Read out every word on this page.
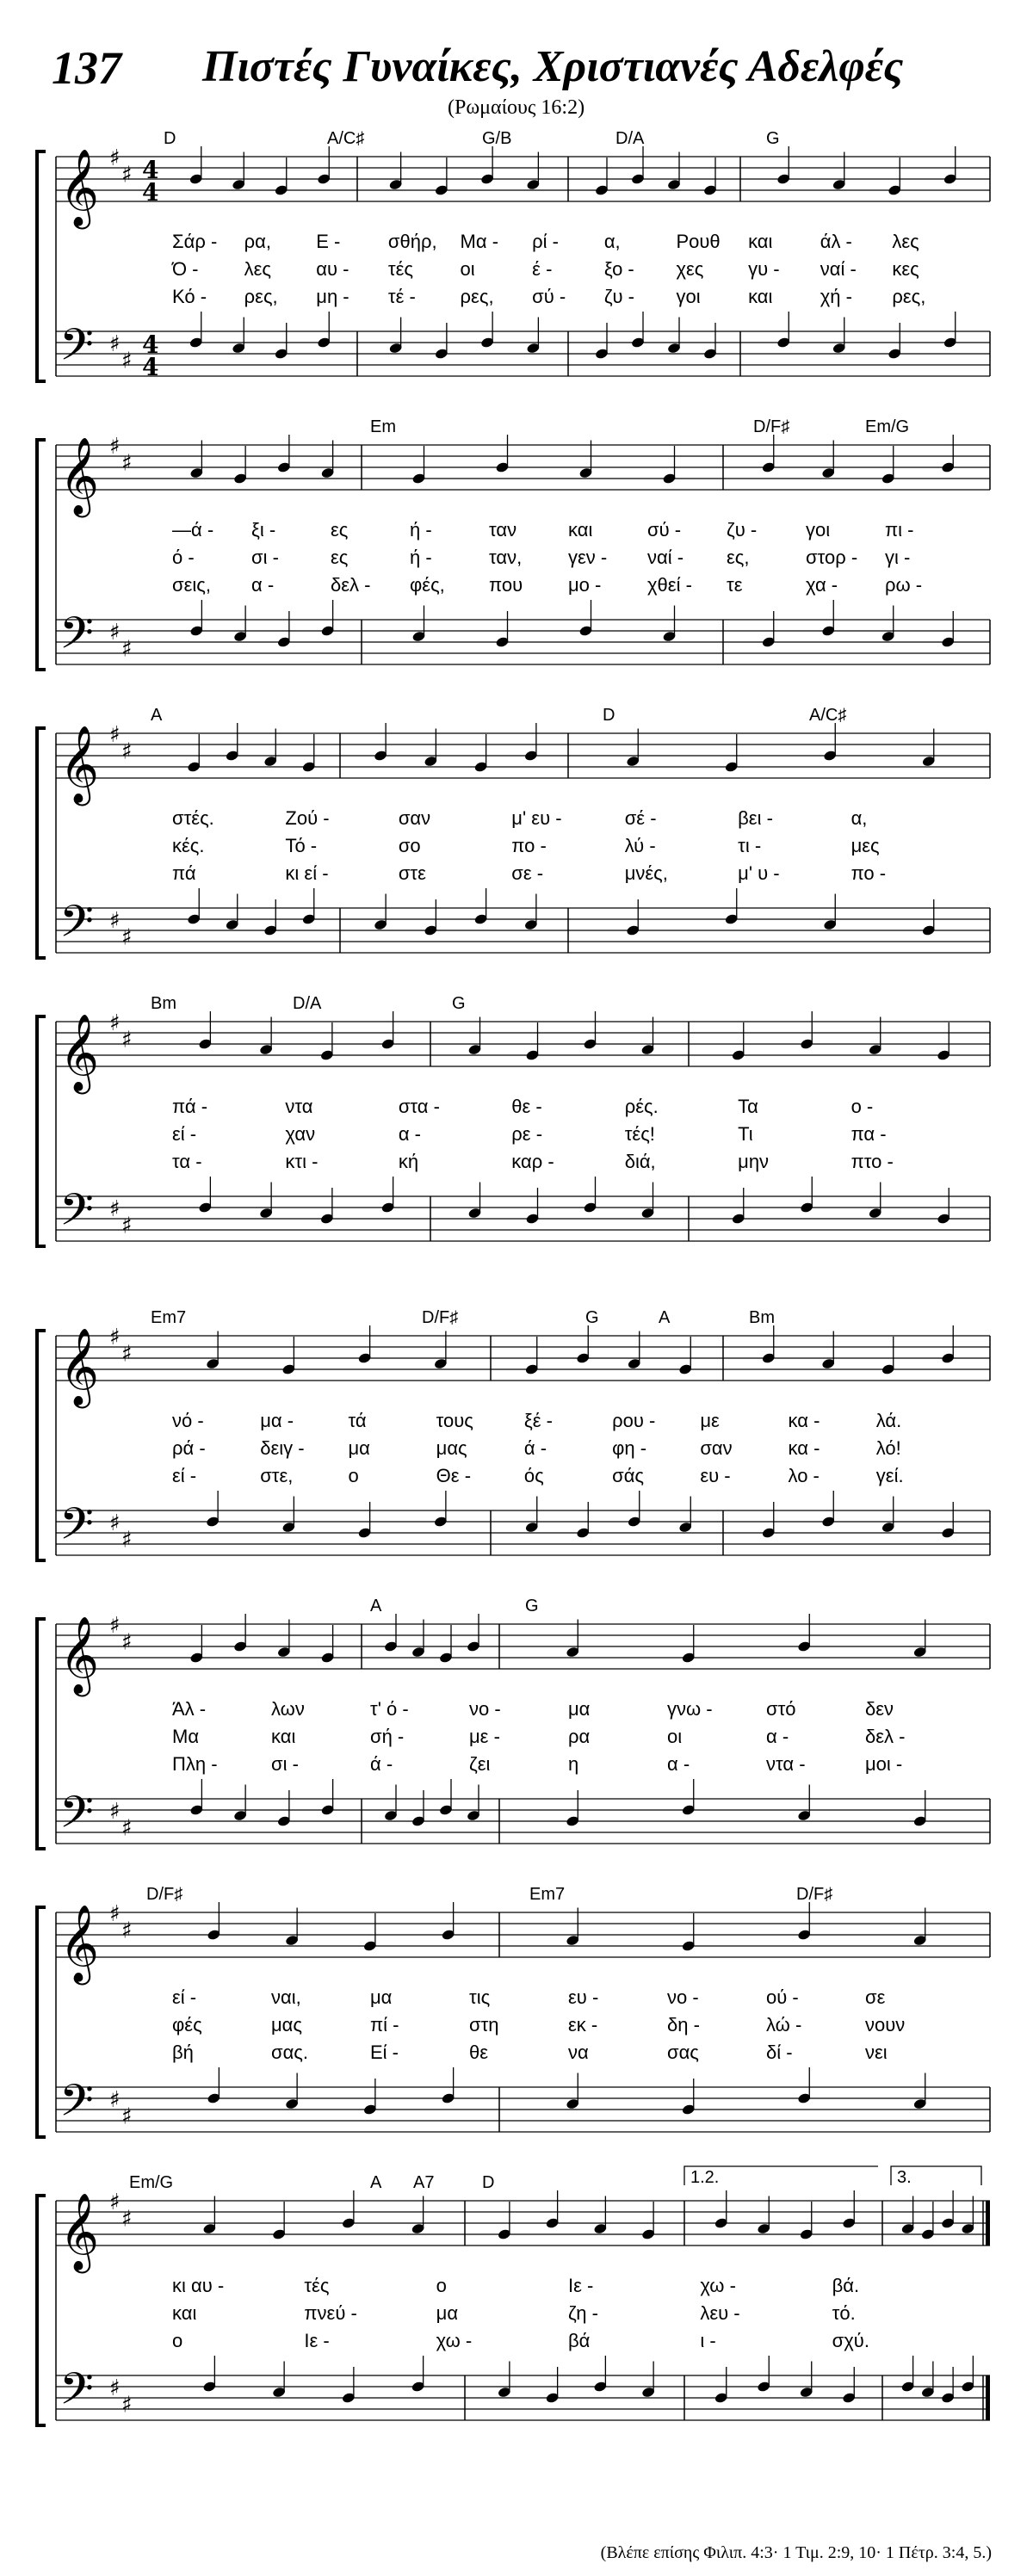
137 Πιστές Γυναίκες, Χριστιανές Αδελφές
(Ρωμαίους 16:2)
𝄞
𝄢
♯
♯
♯
♯
4
4
4
4
D	A/C♯	G/B	D/A	G
Σάρ - ρα, Ε -	σθήρ, Μα - ρί - α,	Ρουθ και	άλ - λες
Ό - λες αυ - τές οι	έ -	ξο - χες γυ - ναί - κες
Κό - ρες, μη - τέ - ρες, σύ - ζυ - γοι	και	χή - ρες,
𝄞
𝄢
♯
♯
♯
♯
Em	D/F♯	Em/G
—ά - ξι -	ες	ή -	ταν	και	σύ - ζυ -	γοι	πι -
ό -	σι -	ες	ή -	ταν, γεν - ναί - ες,	στορ - γι -
σεις, α -	δελ - φές, που μο - χθεί - τε	χα - ρω -
𝄞
𝄢
♯
♯
♯
♯
A	D	A/C♯
στές.	Ζού -	σαν	μ' ευ -	σέ -	βει -	α,
κές.	Τό -	σο	πο -	λύ -	τι -	μες
πά	κι εί -	στε	σε -	μνές,	μ' υ -	πο -
𝄞
𝄢
♯
♯
♯
♯
Bm	D/A	G
πά -	ντα	στα -	θε -	ρές.	Τα	ο -
εί -	χαν	α -	ρε -	τές!	Τι	πα -
τα -	κτι -	κή	καρ -	διά,	μην	πτο -
𝄞
𝄢
♯
♯
♯
♯
Em7	D/F♯	G	A	Bm
νό -	μα -	τά	τους	ξέ -	ρου - με	κα -	λά.
ρά -	δειγ - μα	μας	ά -	φη -	σαν	κα -	λό!
εί -	στε,	ο	Θε -	ός	σάς	ευ -	λο -	γεί.
𝄞
𝄢
♯
♯
♯
♯
A	G
Άλ -	λων	τ' ό -	νο -	μα	γνω -	στό	δεν
Μα	και	σή -	με -	ρα	οι	α -	δελ -
Πλη -	σι -	ά -	ζει	η	α -	ντα -	μοι -
𝄞
𝄢
♯
♯
♯
♯
D/F♯	Em7	D/F♯
εί -	ναι,	μα	τις	ευ -	νο -	ού -	σε
φές	μας	πί -	στη	εκ -	δη -	λώ -	νουν
βή	σας.	Εί -	θε	να	σας	δί -	νει
𝄞
𝄢
♯
♯
♯
♯
Em/G	A A7	D
κι αυ -	τές	ο	Ιε -	χω -	βά.
και	πνεύ -	μα	ζη -	λευ -	τό.
ο	Ιε -	χω -	βά	ι -	σχύ.
1.2.	3.
(Βλέπε επίσης Φιλιπ. 4:3· 1 Τιμ. 2:9, 10· 1 Πέτρ. 3:4, 5.)
